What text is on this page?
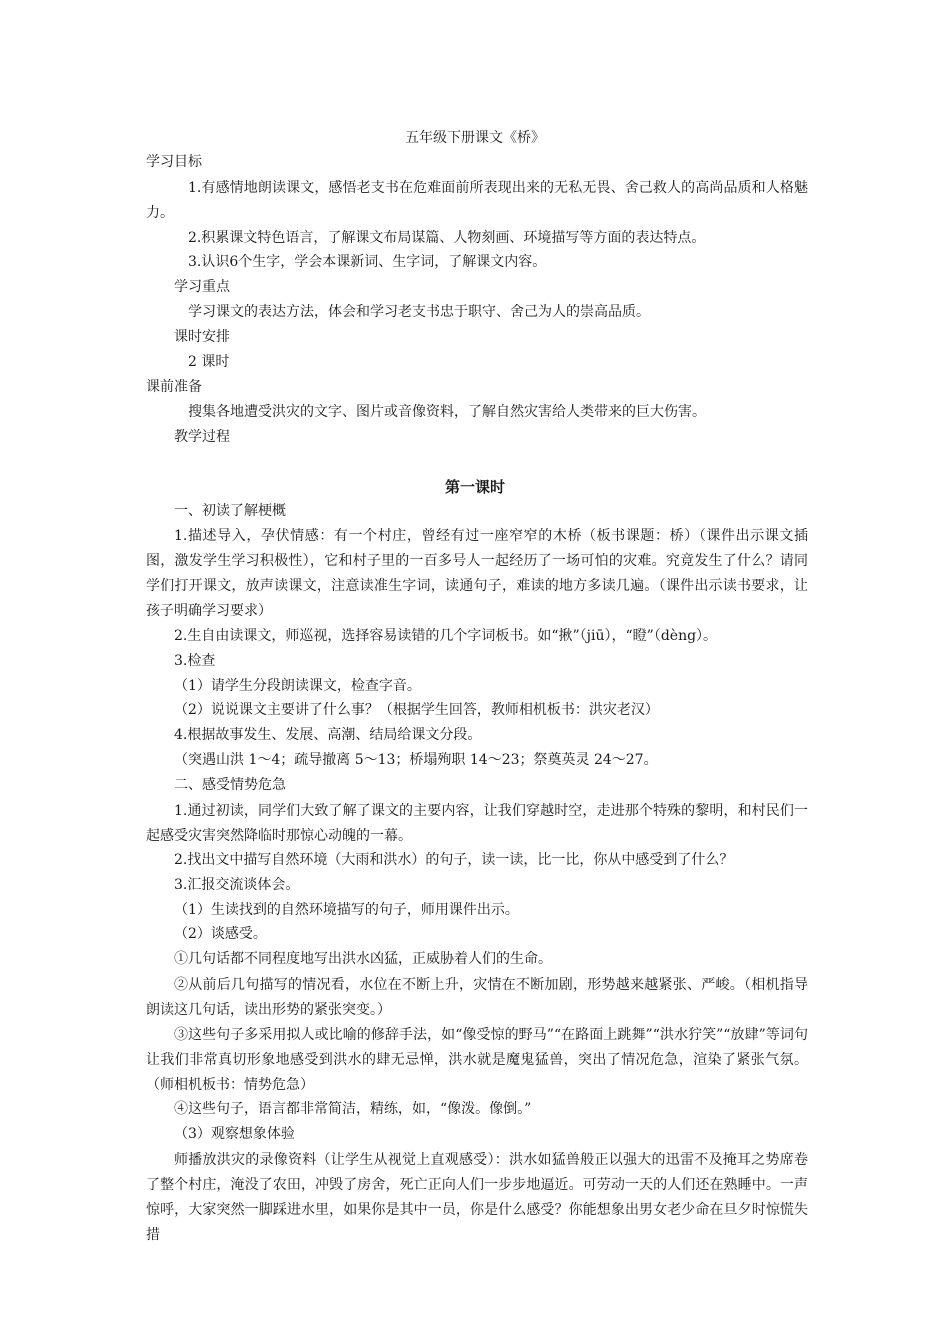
五年级下册课文《桥》
学习目标
1.有感情地朗读课文，感悟老支书在危难面前所表现出来的无私无畏、舍己救人的高尚品质和人格魅力。
2.积累课文特色语言，了解课文布局谋篇、人物刻画、环境描写等方面的表达特点。
3.认识6个生字，学会本课新词、生字词，了解课文内容。
学习重点
学习课文的表达方法，体会和学习老支书忠于职守、舍己为人的崇高品质。
课时安排
2 课时
课前准备
搜集各地遭受洪灾的文字、图片或音像资料，了解自然灾害给人类带来的巨大伤害。
教学过程
第一课时
一、初读了解梗概
1.描述导入，孕伏情感：有一个村庄，曾经有过一座窄窄的木桥（板书课题：桥）（课件出示课文插图，激发学生学习积极性），它和村子里的一百多号人一起经历了一场可怕的灾难。究竟发生了什么？请同学们打开课文，放声读课文，注意读准生字词，读通句子，难读的地方多读几遍。（课件出示读书要求，让孩子明确学习要求）
2.生自由读课文，师巡视，选择容易读错的几个字词板书。如“揪”（jiū），“瞪”（dèng）。
3.检查
（1）请学生分段朗读课文，检查字音。
（2）说说课文主要讲了什么事？（根据学生回答，教师相机板书：洪灾老汉）
4.根据故事发生、发展、高潮、结局给课文分段。
（突遇山洪 1～4；疏导撤离 5～13；桥塌殉职 14～23；祭奠英灵 24～27。
二、感受情势危急
1.通过初读，同学们大致了解了课文的主要内容，让我们穿越时空，走进那个特殊的黎明，和村民们一起感受灾害突然降临时那惊心动魄的一幕。
2.找出文中描写自然环境（大雨和洪水）的句子，读一读，比一比，你从中感受到了什么？
3.汇报交流谈体会。
（1）生读找到的自然环境描写的句子，师用课件出示。
（2）谈感受。
①几句话都不同程度地写出洪水凶猛，正威胁着人们的生命。
②从前后几句描写的情况看，水位在不断上升，灾情在不断加剧，形势越来越紧张、严峻。（相机指导朗读这几句话，读出形势的紧张突变。）
③这些句子多采用拟人或比喻的修辞手法，如“像受惊的野马”“在路面上跳舞”“洪水狞笑”“放肆”等词句让我们非常真切形象地感受到洪水的肆无忌惮，洪水就是魔鬼猛兽，突出了情况危急，渲染了紧张气氛。（师相机板书：情势危急）
④这些句子，语言都非常简洁，精练，如，“像泼。像倒。”
（3）观察想象体验
师播放洪灾的录像资料（让学生从视觉上直观感受）：洪水如猛兽般正以强大的迅雷不及掩耳之势席卷了整个村庄，淹没了农田，冲毁了房舍，死亡正向人们一步步地逼近。可劳动一天的人们还在熟睡中。一声惊呼，大家突然一脚踩进水里，如果你是其中一员，你是什么感受？你能想象出男女老少命在旦夕时惊慌失措
